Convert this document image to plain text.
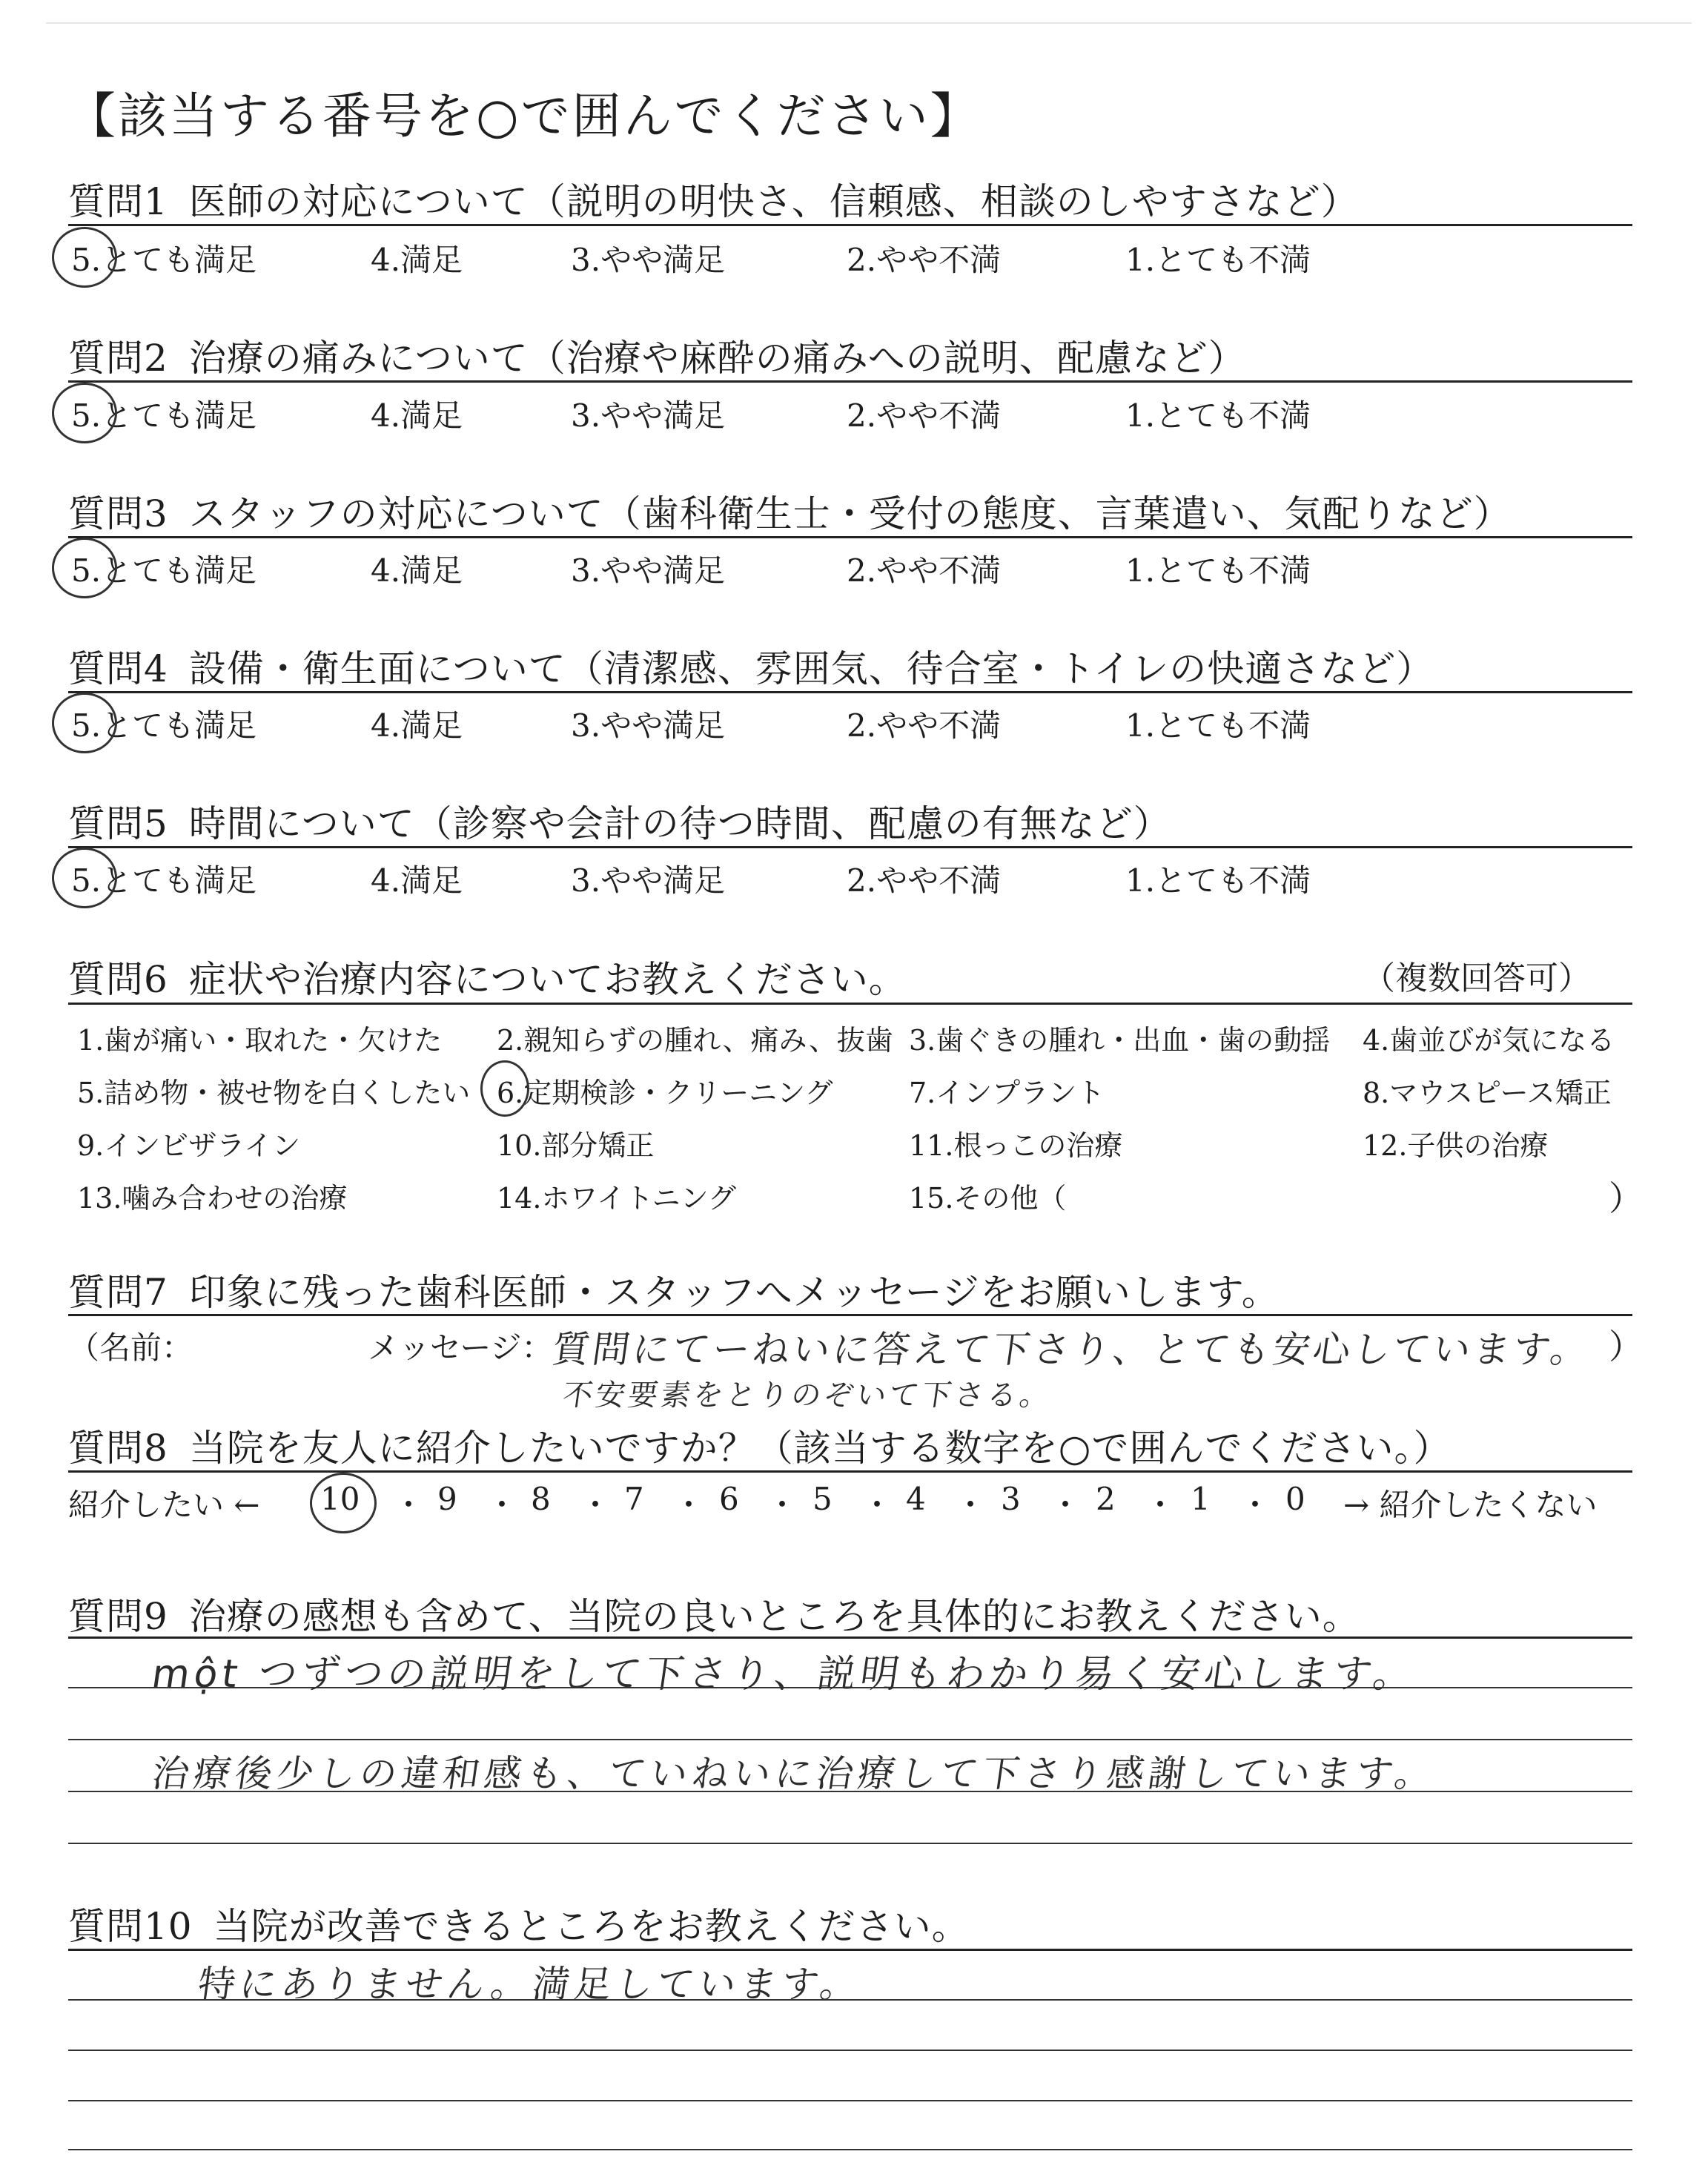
【該当する番号を○で囲んでください】
質問1 医師の対応について（説明の明快さ、信頼感、相談のしやすさなど）
5.とても満足	4.満足	3.やや満足	2.やや不満	1.とても不満
質問2 治療の痛みについて（治療や麻酔の痛みへの説明、配慮など）
5.とても満足	4.満足	3.やや満足	2.やや不満	1.とても不満
質問3 スタッフの対応について（歯科衛生士・受付の態度、言葉遣い、気配りなど）
5.とても満足	4.満足	3.やや満足	2.やや不満	1.とても不満
質問4 設備・衛生面について（清潔感、雰囲気、待合室・トイレの快適さなど）
5.とても満足	4.満足	3.やや満足	2.やや不満	1.とても不満
質問5 時間について（診察や会計の待つ時間、配慮の有無など）
5.とても満足	4.満足	3.やや満足	2.やや不満	1.とても不満
質問6 症状や治療内容についてお教えください。	（複数回答可）
1.歯が痛い・取れた・欠けた 2.親知らずの腫れ、痛み、抜歯 3.歯ぐきの腫れ・出血・歯の動揺 4.歯並びが気になる
5.詰め物・被せ物を白くしたい 6.定期検診・クリーニング	7.インプラント	8.マウスピース矯正
9.インビザライン	10.部分矯正	11.根っこの治療	12.子供の治療
13.噛み合わせの治療	14.ホワイトニング	15.その他（	）
質問7 印象に残った歯科医師・スタッフへメッセージをお願いします。
（名前：	メッセージ：	）
質問にてーねいに答えて下さり、とても安心しています。
不安要素をとりのぞいて下さる。
質問8 当院を友人に紹介したいですか？（該当する数字を○で囲んでください。）
紹介したい ←	→ 紹介したくない
10 ・ 9 ・ 8 ・ 7 ・ 6 ・ 5 ・ 4 ・ 3 ・ 2 ・ 1 ・ 0
質問9 治療の感想も含めて、当院の良いところを具体的にお教えください。
một つずつの説明をして下さり、説明もわかり易く安心します。
治療後少しの違和感も、ていねいに治療して下さり感謝しています。
質問10 当院が改善できるところをお教えください。
特にありません。満足しています。
